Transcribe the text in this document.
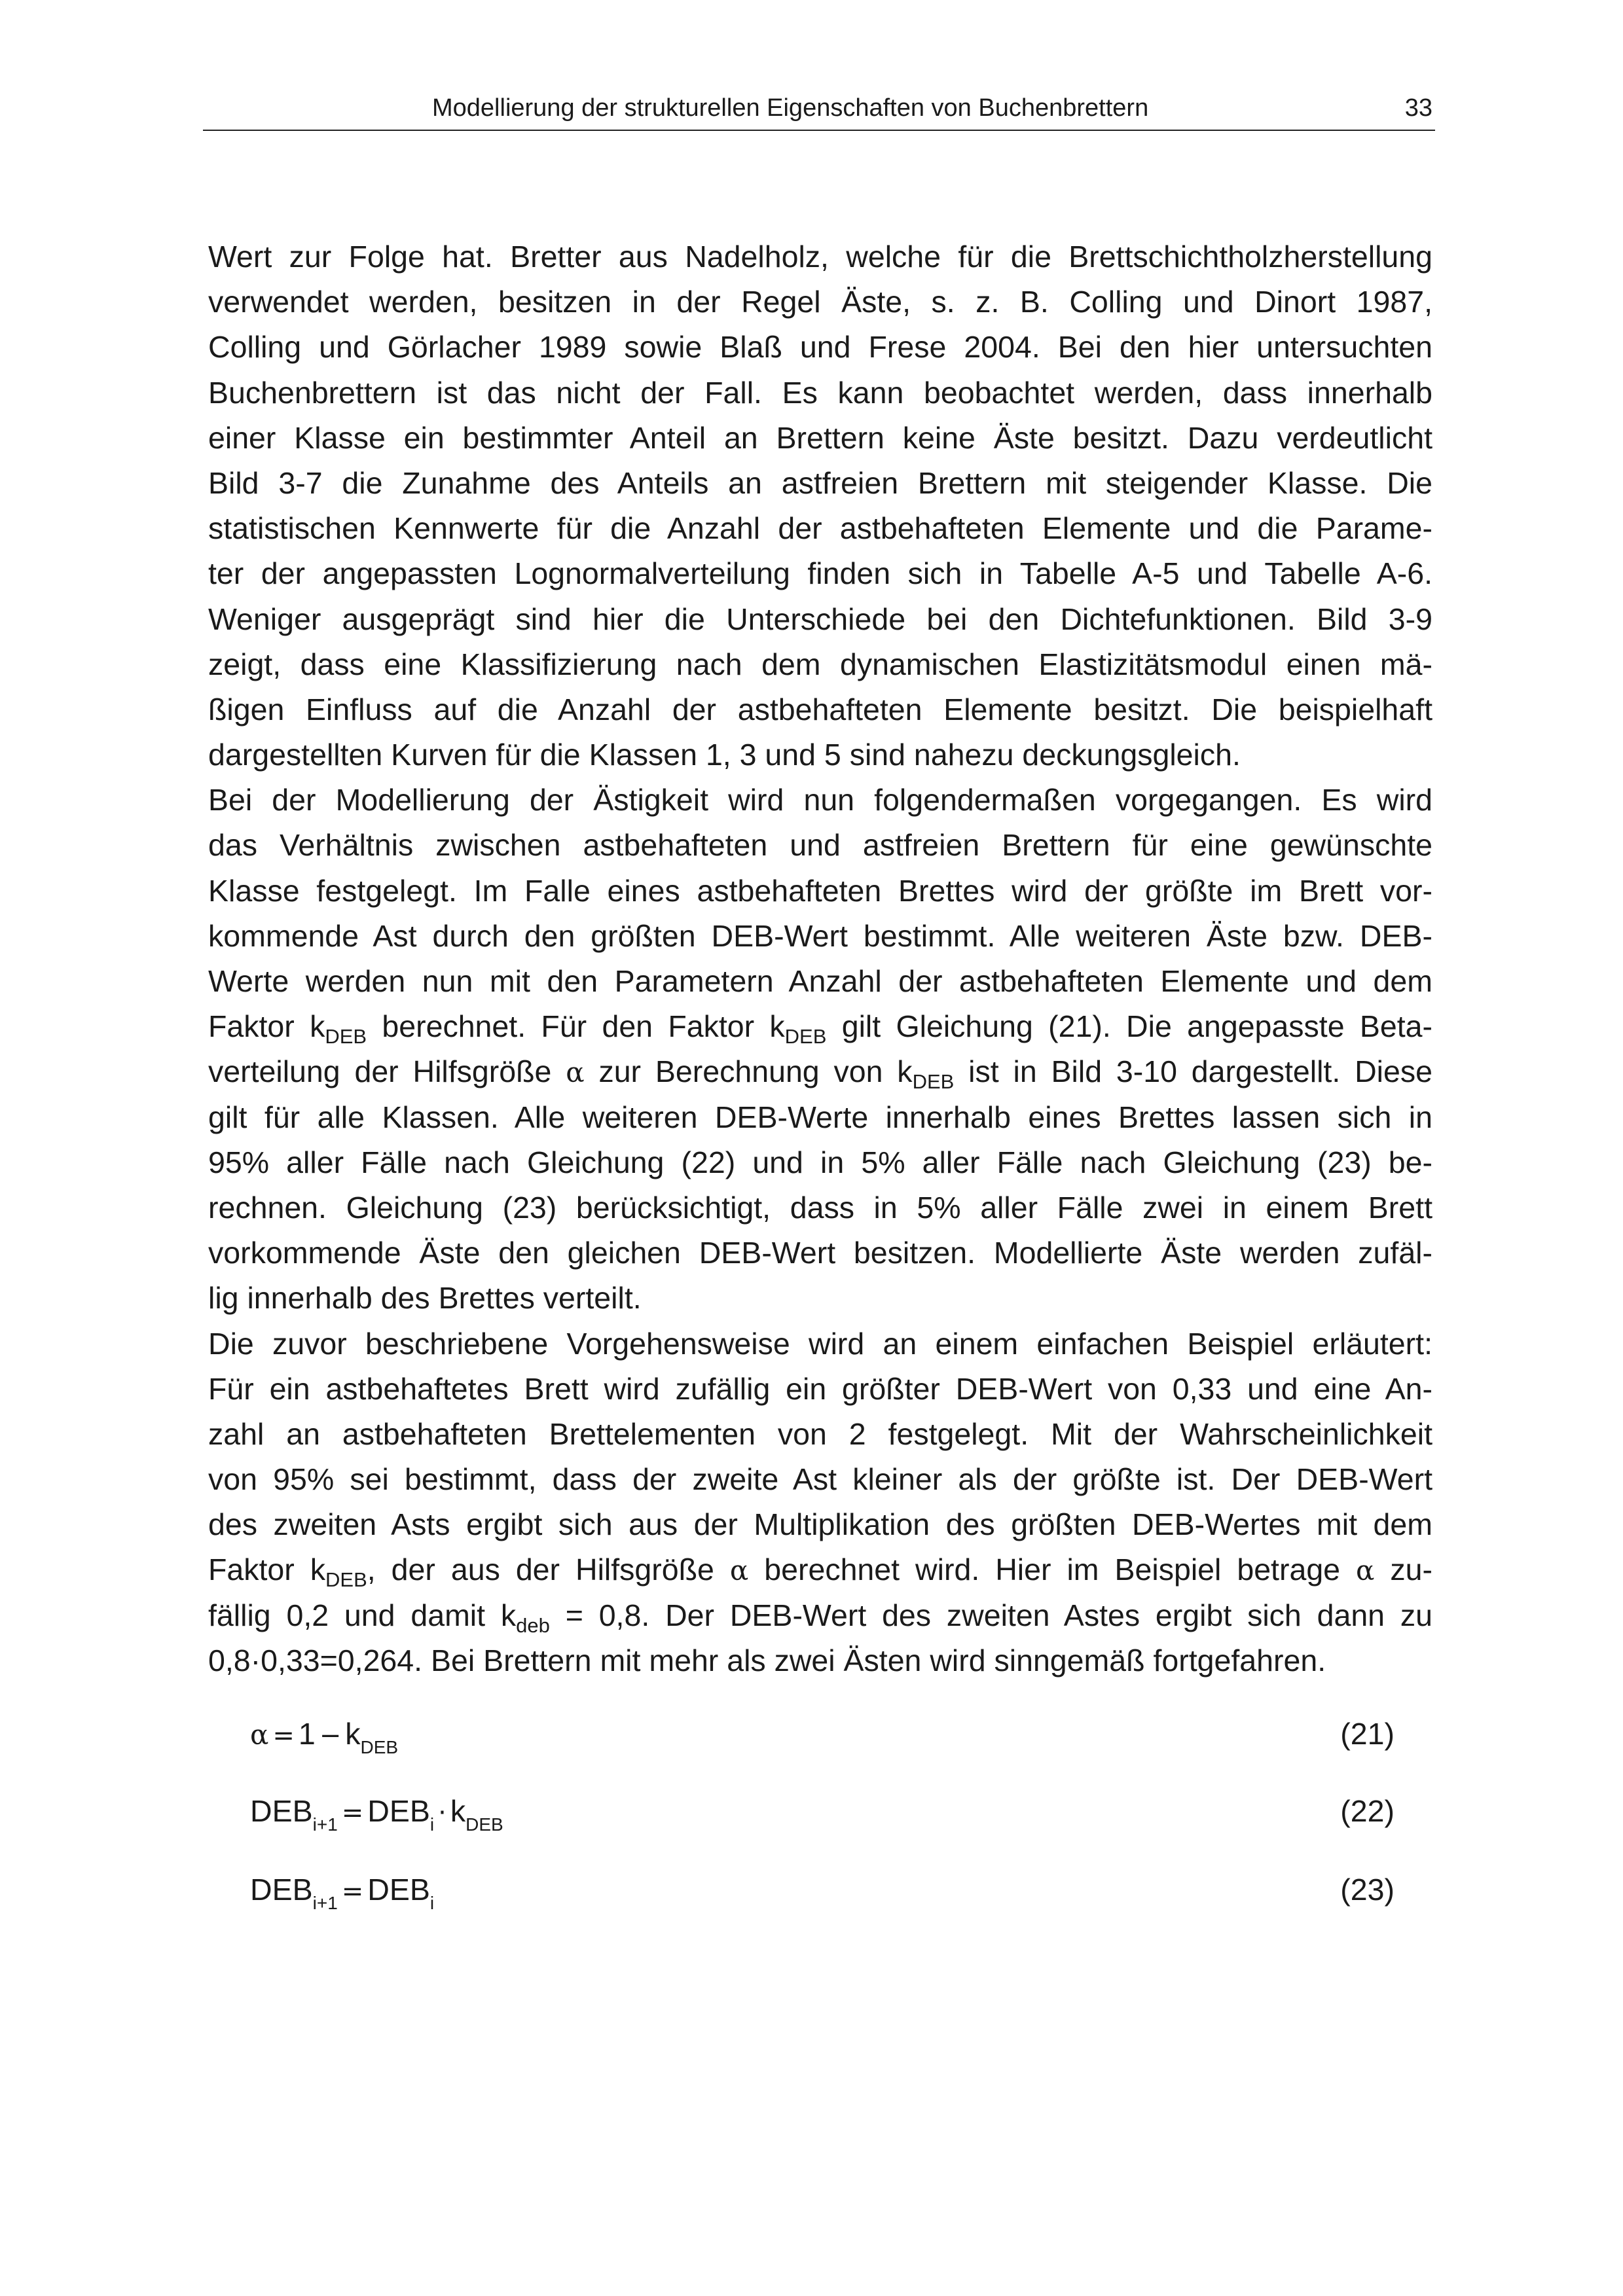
Modellierung der strukturellen Eigenschaften von Buchenbrettern	33
Wert zur Folge hat. Bretter aus Nadelholz, welche für die Brettschichtholzherstellung
verwendet werden, besitzen in der Regel Äste, s. z. B. Colling und Dinort 1987,
Colling und Görlacher 1989 sowie Blaß und Frese 2004. Bei den hier untersuchten
Buchenbrettern ist das nicht der Fall. Es kann beobachtet werden, dass innerhalb
einer Klasse ein bestimmter Anteil an Brettern keine Äste besitzt. Dazu verdeutlicht
Bild 3-7 die Zunahme des Anteils an astfreien Brettern mit steigender Klasse. Die
statistischen Kennwerte für die Anzahl der astbehafteten Elemente und die Parame-
ter der angepassten Lognormalverteilung finden sich in Tabelle A-5 und Tabelle A-6.
Weniger ausgeprägt sind hier die Unterschiede bei den Dichtefunktionen. Bild 3-9
zeigt, dass eine Klassifizierung nach dem dynamischen Elastizitätsmodul einen mä-
ßigen Einfluss auf die Anzahl der astbehafteten Elemente besitzt. Die beispielhaft
dargestellten Kurven für die Klassen 1, 3 und 5 sind nahezu deckungsgleich.
Bei der Modellierung der Ästigkeit wird nun folgendermaßen vorgegangen. Es wird
das Verhältnis zwischen astbehafteten und astfreien Brettern für eine gewünschte
Klasse festgelegt. Im Falle eines astbehafteten Brettes wird der größte im Brett vor-
kommende Ast durch den größten DEB-Wert bestimmt. Alle weiteren Äste bzw. DEB-
Werte werden nun mit den Parametern Anzahl der astbehafteten Elemente und dem
Faktor $k_{DEB}$ berechnet. Für den Faktor $k_{DEB}$ gilt Gleichung (21). Die angepasste Beta-
verteilung der Hilfsgröße α zur Berechnung von $k_{DEB}$ ist in Bild 3-10 dargestellt. Diese
gilt für alle Klassen. Alle weiteren DEB-Werte innerhalb eines Brettes lassen sich in
95% aller Fälle nach Gleichung (22) und in 5% aller Fälle nach Gleichung (23) be-
rechnen. Gleichung (23) berücksichtigt, dass in 5% aller Fälle zwei in einem Brett
vorkommende Äste den gleichen DEB-Wert besitzen. Modellierte Äste werden zufäl-
lig innerhalb des Brettes verteilt.
Die zuvor beschriebene Vorgehensweise wird an einem einfachen Beispiel erläutert:
Für ein astbehaftetes Brett wird zufällig ein größter DEB-Wert von 0,33 und eine An-
zahl an astbehafteten Brettelementen von 2 festgelegt. Mit der Wahrscheinlichkeit
von 95% sei bestimmt, dass der zweite Ast kleiner als der größte ist. Der DEB-Wert
des zweiten Asts ergibt sich aus der Multiplikation des größten DEB-Wertes mit dem
Faktor $k_{DEB}$, der aus der Hilfsgröße α berechnet wird. Hier im Beispiel betrage α zu-
fällig 0,2 und damit $k_{deb} = 0,8$. Der DEB-Wert des zweiten Astes ergibt sich dann zu
0,8·0,33=0,264. Bei Brettern mit mehr als zwei Ästen wird sinngemäß fortgefahren.
$\alpha = 1 - k_{DEB}$	(21)
$DEB_{i+1} = DEB_i \cdot k_{DEB}$	(22)
$DEB_{i+1} = DEB_i$	(23)
